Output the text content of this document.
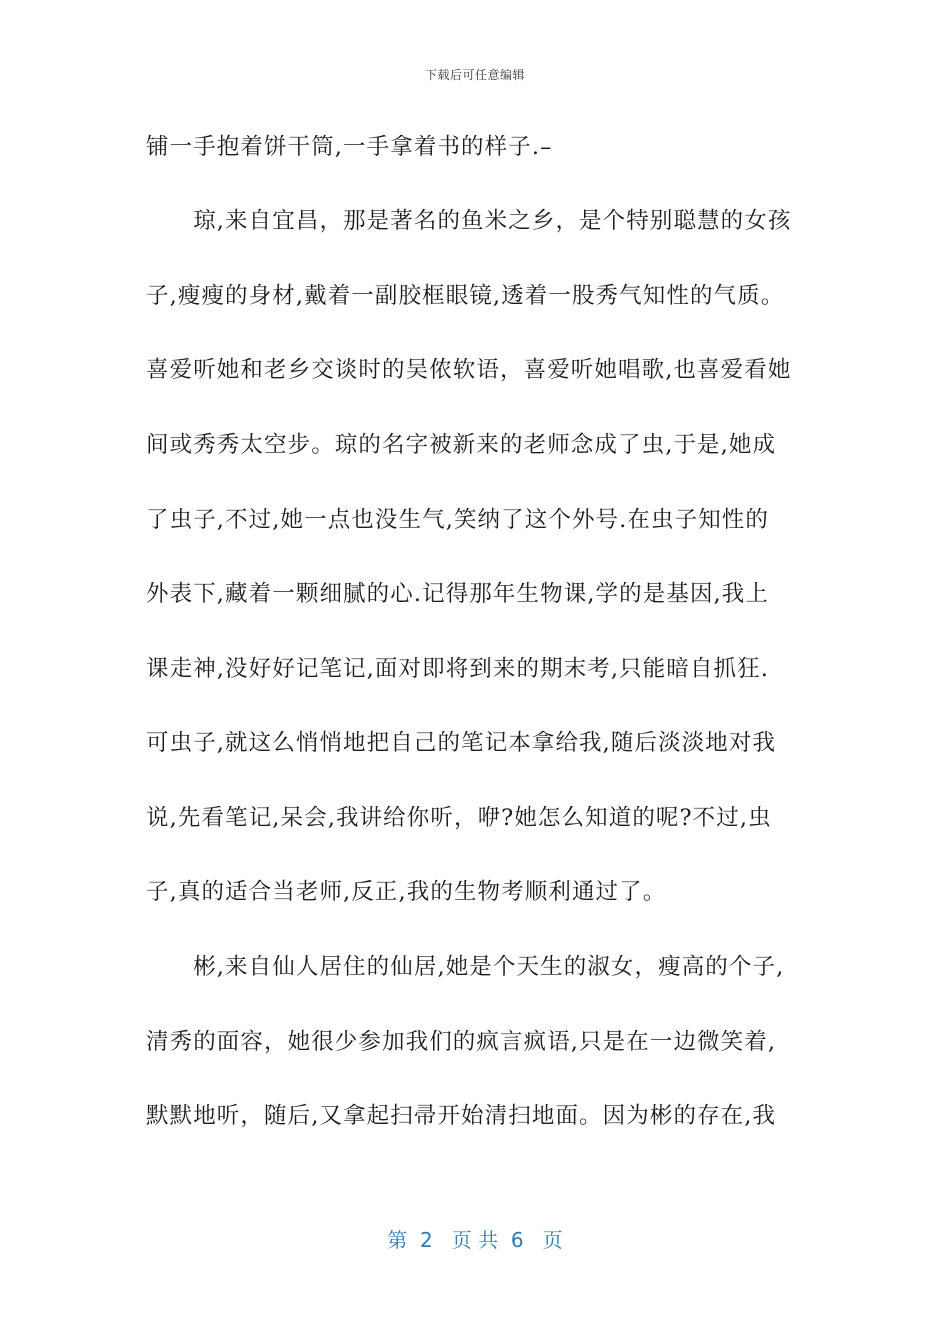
下载后可任意编辑
铺一手抱着饼干筒,一手拿着书的样子.–
　　琼,来自宜昌，那是著名的鱼米之乡，是个特别聪慧的女孩
子,瘦瘦的身材,戴着一副胶框眼镜,透着一股秀气知性的气质。
喜爱听她和老乡交谈时的吴侬软语，喜爱听她唱歌,也喜爱看她
间或秀秀太空步。琼的名字被新来的老师念成了虫,于是,她成
了虫子,不过,她一点也没生气,笑纳了这个外号.在虫子知性的
外表下,藏着一颗细腻的心.记得那年生物课,学的是基因,我上
课走神,没好好记笔记,面对即将到来的期末考,只能暗自抓狂.
可虫子,就这么悄悄地把自己的笔记本拿给我,随后淡淡地对我
说,先看笔记,呆会,我讲给你听，咿?她怎么知道的呢?不过,虫
子,真的适合当老师,反正,我的生物考顺利通过了。
　　彬,来自仙人居住的仙居,她是个天生的淑女，瘦高的个子,
清秀的面容，她很少参加我们的疯言疯语,只是在一边微笑着,
默默地听，随后,又拿起扫帚开始清扫地面。因为彬的存在,我
第  2   页 共  6   页
